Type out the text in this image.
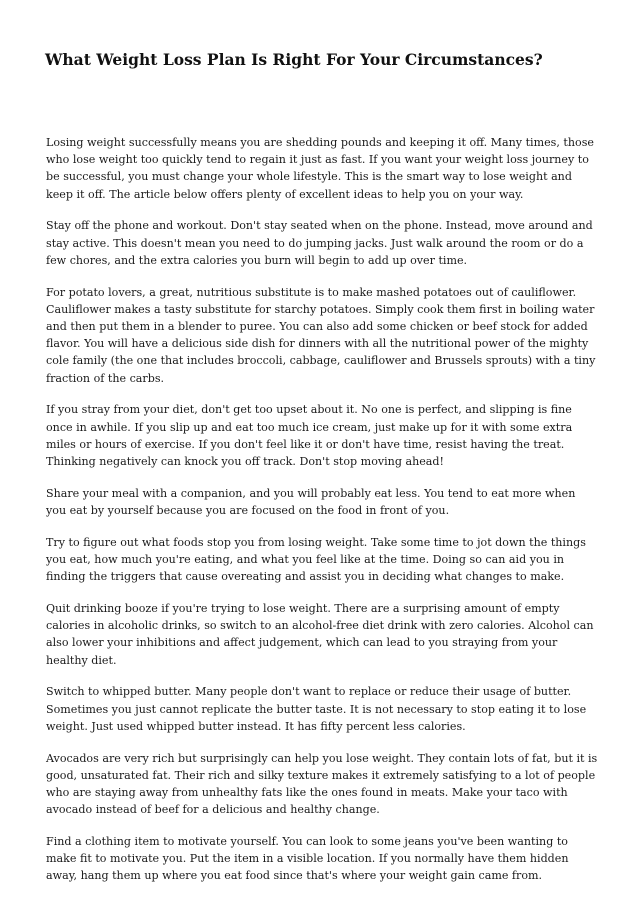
What Weight Loss Plan Is Right For Your Circumstances?

Losing weight successfully means you are shedding pounds and keeping it off. Many times, those who lose weight too quickly tend to regain it just as fast. If you want your weight loss journey to be successful, you must change your whole lifestyle. This is the smart way to lose weight and keep it off. The article below offers plenty of excellent ideas to help you on your way.

Stay off the phone and workout. Don't stay seated when on the phone. Instead, move around and stay active. This doesn't mean you need to do jumping jacks. Just walk around the room or do a few chores, and the extra calories you burn will begin to add up over time.

For potato lovers, a great, nutritious substitute is to make mashed potatoes out of cauliflower. Cauliflower makes a tasty substitute for starchy potatoes. Simply cook them first in boiling water and then put them in a blender to puree. You can also add some chicken or beef stock for added flavor. You will have a delicious side dish for dinners with all the nutritional power of the mighty cole family (the one that includes broccoli, cabbage, cauliflower and Brussels sprouts) with a tiny fraction of the carbs.

If you stray from your diet, don't get too upset about it. No one is perfect, and slipping is fine once in awhile. If you slip up and eat too much ice cream, just make up for it with some extra miles or hours of exercise. If you don't feel like it or don't have time, resist having the treat. Thinking negatively can knock you off track. Don't stop moving ahead!

Share your meal with a companion, and you will probably eat less. You tend to eat more when you eat by yourself because you are focused on the food in front of you.

Try to figure out what foods stop you from losing weight. Take some time to jot down the things you eat, how much you're eating, and what you feel like at the time. Doing so can aid you in finding the triggers that cause overeating and assist you in deciding what changes to make.

Quit drinking booze if you're trying to lose weight. There are a surprising amount of empty calories in alcoholic drinks, so switch to an alcohol-free diet drink with zero calories. Alcohol can also lower your inhibitions and affect judgement, which can lead to you straying from your healthy diet.

Switch to whipped butter. Many people don't want to replace or reduce their usage of butter. Sometimes you just cannot replicate the butter taste. It is not necessary to stop eating it to lose weight. Just used whipped butter instead. It has fifty percent less calories.

Avocados are very rich but surprisingly can help you lose weight. They contain lots of fat, but it is good, unsaturated fat. Their rich and silky texture makes it extremely satisfying to a lot of people who are staying away from unhealthy fats like the ones found in meats. Make your taco with avocado instead of beef for a delicious and healthy change.

Find a clothing item to motivate yourself. You can look to some jeans you've been wanting to make fit to motivate you. Put the item in a visible location. If you normally have them hidden away, hang them up where you eat food since that's where your weight gain came from.
